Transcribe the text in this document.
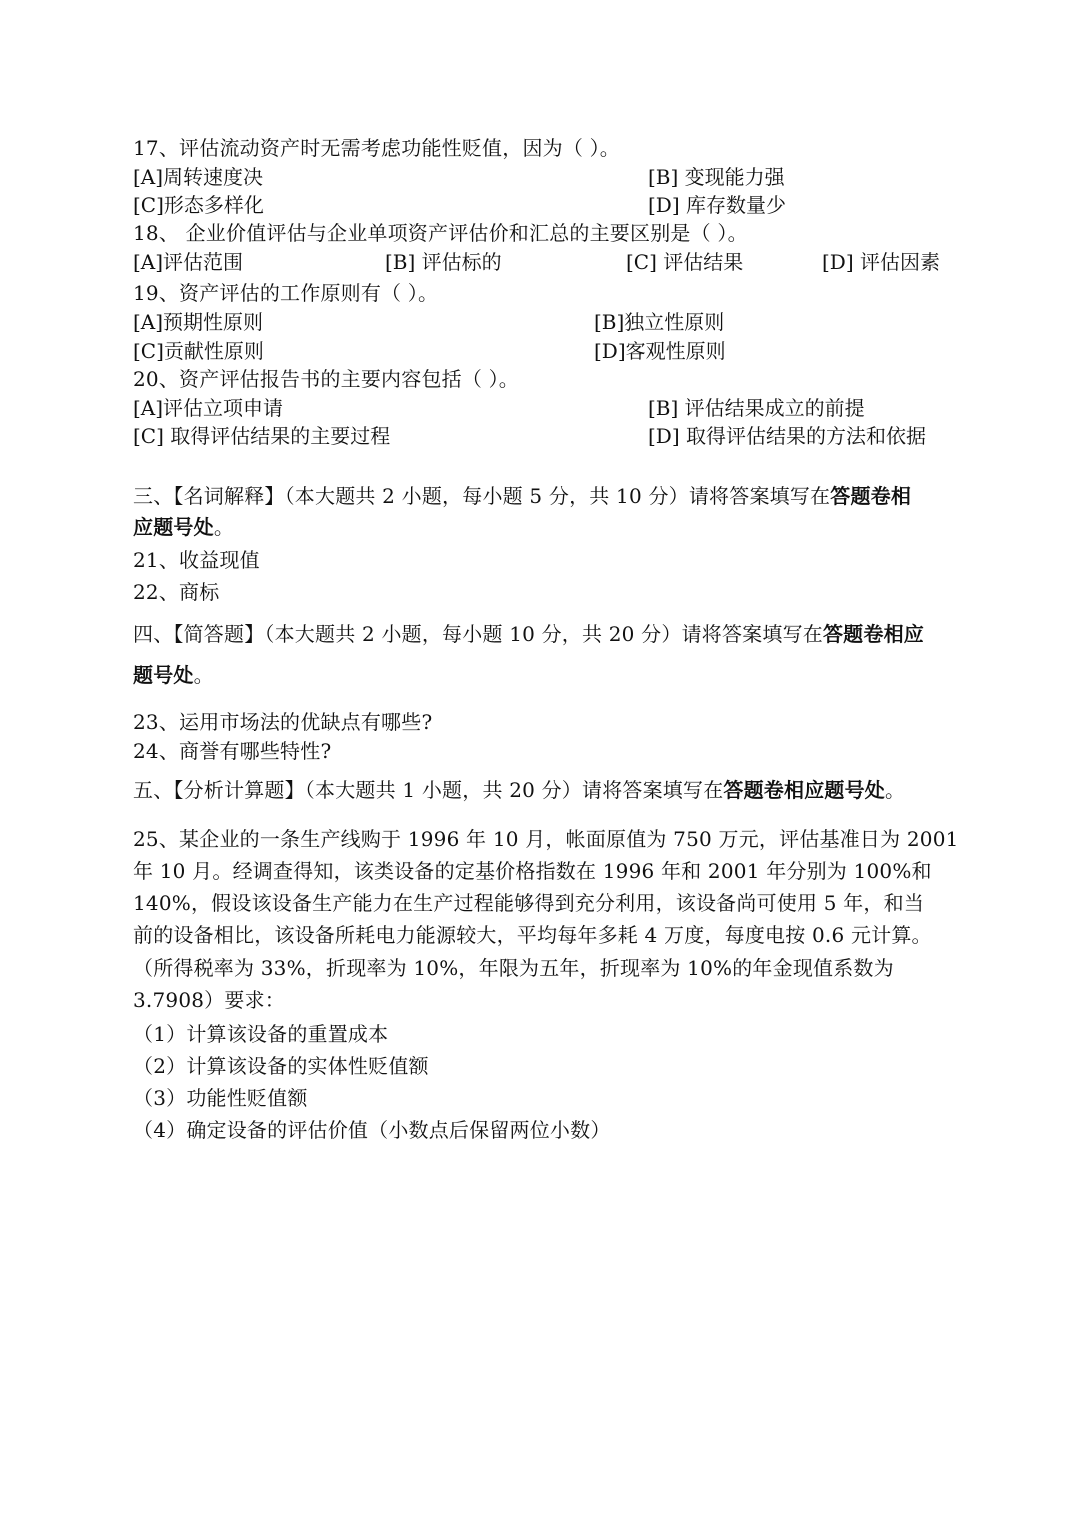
17、评估流动资产时无需考虑功能性贬值，因为（ ）。
[A]周转速度决	[B] 变现能力强
[C]形态多样化	[D] 库存数量少
18、 企业价值评估与企业单项资产评估价和汇总的主要区别是（ ）。
[A]评估范围	[B] 评估标的	[C] 评估结果	[D] 评估因素
19、资产评估的工作原则有（ ）。
[A]预期性原则	[B]独立性原则
[C]贡献性原则	[D]客观性原则
20、资产评估报告书的主要内容包括（ ）。
[A]评估立项申请	[B] 评估结果成立的前提
[C] 取得评估结果的主要过程	[D] 取得评估结果的方法和依据
三、【名词解释】（本大题共 2 小题，每小题 5 分，共 10 分）请将答案填写在答题卷相
应题号处。
21、收益现值
22、商标
四、【简答题】（本大题共 2 小题，每小题 10 分，共 20 分）请将答案填写在答题卷相应
题号处。
23、运用市场法的优缺点有哪些?
24、商誉有哪些特性?
五、【分析计算题】（本大题共 1 小题，共 20 分）请将答案填写在答题卷相应题号处。
25、某企业的一条生产线购于 1996 年 10 月，帐面原值为 750 万元，评估基准日为 2001
年 10 月。经调查得知，该类设备的定基价格指数在 1996 年和 2001 年分别为 100%和
140%，假设该设备生产能力在生产过程能够得到充分利用，该设备尚可使用 5 年，和当
前的设备相比，该设备所耗电力能源较大，平均每年多耗 4 万度，每度电按 0.6 元计算。
（所得税率为 33%，折现率为 10%，年限为五年，折现率为 10%的年金现值系数为
3.7908）要求：
（1）计算该设备的重置成本
（2）计算该设备的实体性贬值额
（3）功能性贬值额
（4）确定设备的评估价值（小数点后保留两位小数）
